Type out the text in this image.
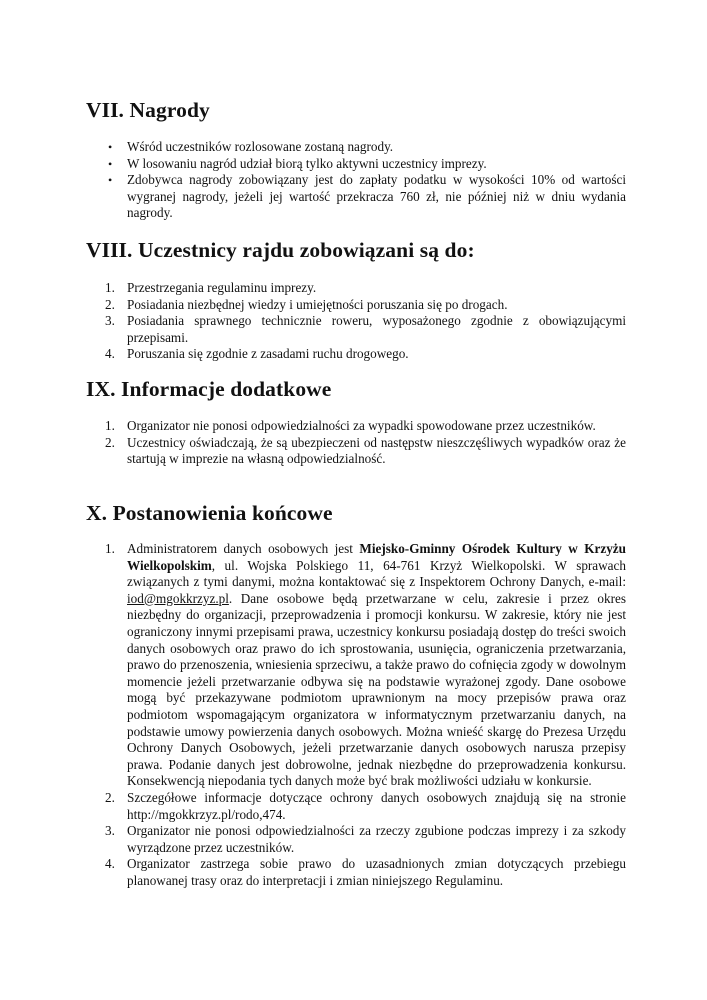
VII. Nagrody
• Wśród uczestników rozlosowane zostaną nagrody.
• W losowaniu nagród udział biorą tylko aktywni uczestnicy imprezy.
• Zdobywca nagrody zobowiązany jest do zapłaty podatku w wysokości 10% od wartości wygranej nagrody, jeżeli jej wartość przekracza 760 zł, nie później niż w dniu wydania nagrody.
VIII. Uczestnicy rajdu zobowiązani są do:
1. Przestrzegania regulaminu imprezy.
2. Posiadania niezbędnej wiedzy i umiejętności poruszania się po drogach.
3. Posiadania sprawnego technicznie roweru, wyposażonego zgodnie z obowiązującymi przepisami.
4. Poruszania się zgodnie z zasadami ruchu drogowego.
IX. Informacje dodatkowe
1. Organizator nie ponosi odpowiedzialności za wypadki spowodowane przez uczestników.
2. Uczestnicy oświadczają, że są ubezpieczeni od następstw nieszczęśliwych wypadków oraz że startują w imprezie na własną odpowiedzialność.
X. Postanowienia końcowe
1. Administratorem danych osobowych jest Miejsko-Gminny Ośrodek Kultury w Krzyżu Wielkopolskim, ul. Wojska Polskiego 11, 64-761 Krzyż Wielkopolski. W sprawach związanych z tymi danymi, można kontaktować się z Inspektorem Ochrony Danych, e-mail: iod@mgokkrzyz.pl. Dane osobowe będą przetwarzane w celu, zakresie i przez okres niezbędny do organizacji, przeprowadzenia i promocji konkursu. W zakresie, który nie jest ograniczony innymi przepisami prawa, uczestnicy konkursu posiadają dostęp do treści swoich danych osobowych oraz prawo do ich sprostowania, usunięcia, ograniczenia przetwarzania, prawo do przenoszenia, wniesienia sprzeciwu, a także prawo do cofnięcia zgody w dowolnym momencie jeżeli przetwarzanie odbywa się na podstawie wyrażonej zgody. Dane osobowe mogą być przekazywane podmiotom uprawnionym na mocy przepisów prawa oraz podmiotom wspomagającym organizatora w informatycznym przetwarzaniu danych, na podstawie umowy powierzenia danych osobowych. Można wnieść skargę do Prezesa Urzędu Ochrony Danych Osobowych, jeżeli przetwarzanie danych osobowych narusza przepisy prawa. Podanie danych jest dobrowolne, jednak niezbędne do przeprowadzenia konkursu. Konsekwencją niepodania tych danych może być brak możliwości udziału w konkursie.
2. Szczegółowe informacje dotyczące ochrony danych osobowych znajdują się na stronie http://mgokkrzyz.pl/rodo,474.
3. Organizator nie ponosi odpowiedzialności za rzeczy zgubione podczas imprezy i za szkody wyrządzone przez uczestników.
4. Organizator zastrzega sobie prawo do uzasadnionych zmian dotyczących przebiegu planowanej trasy oraz do interpretacji i zmian niniejszego Regulaminu.
